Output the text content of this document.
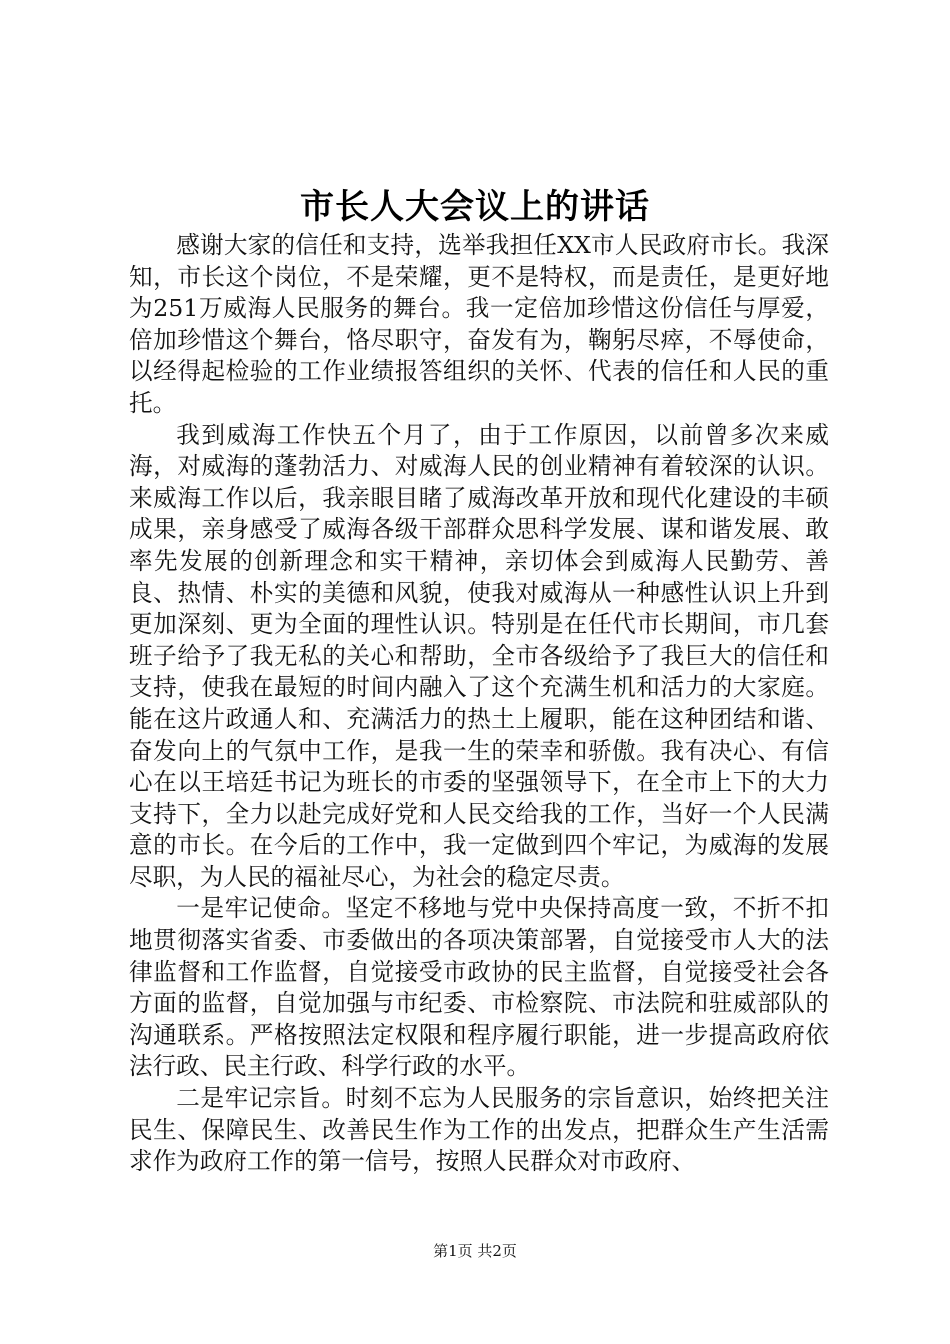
市长人大会议上的讲话

感谢大家的信任和支持，选举我担任XX市人民政府市长。我深知，市长这个岗位，不是荣耀，更不是特权，而是责任，是更好地为251万威海人民服务的舞台。我一定倍加珍惜这份信任与厚爱，倍加珍惜这个舞台，恪尽职守，奋发有为，鞠躬尽瘁，不辱使命，以经得起检验的工作业绩报答组织的关怀、代表的信任和人民的重托。

我到威海工作快五个月了，由于工作原因，以前曾多次来威海，对威海的蓬勃活力、对威海人民的创业精神有着较深的认识。来威海工作以后，我亲眼目睹了威海改革开放和现代化建设的丰硕成果，亲身感受了威海各级干部群众思科学发展、谋和谐发展、敢率先发展的创新理念和实干精神，亲切体会到威海人民勤劳、善良、热情、朴实的美德和风貌，使我对威海从一种感性认识上升到更加深刻、更为全面的理性认识。特别是在任代市长期间，市几套班子给予了我无私的关心和帮助，全市各级给予了我巨大的信任和支持，使我在最短的时间内融入了这个充满生机和活力的大家庭。能在这片政通人和、充满活力的热土上履职，能在这种团结和谐、奋发向上的气氛中工作，是我一生的荣幸和骄傲。我有决心、有信心在以王培廷书记为班长的市委的坚强领导下，在全市上下的大力支持下，全力以赴完成好党和人民交给我的工作，当好一个人民满意的市长。在今后的工作中，我一定做到四个牢记，为威海的发展尽职，为人民的福祉尽心，为社会的稳定尽责。

一是牢记使命。坚定不移地与党中央保持高度一致，不折不扣地贯彻落实省委、市委做出的各项决策部署，自觉接受市人大的法律监督和工作监督，自觉接受市政协的民主监督，自觉接受社会各方面的监督，自觉加强与市纪委、市检察院、市法院和驻威部队的沟通联系。严格按照法定权限和程序履行职能，进一步提高政府依法行政、民主行政、科学行政的水平。

二是牢记宗旨。时刻不忘为人民服务的宗旨意识，始终把关注民生、保障民生、改善民生作为工作的出发点，把群众生产生活需求作为政府工作的第一信号，按照人民群众对市政府、

第1页 共2页
